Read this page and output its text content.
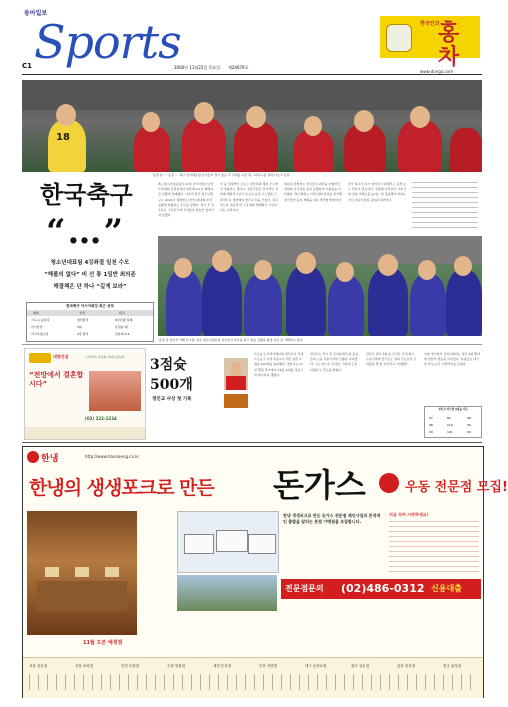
동아일보
Sports
C1	2000년 11월22일 목요일 제24679호
www.donga.com
한국인의
홍차
18
'동점 골…' '동점 …' 축구 한국대표팀 선수들이 경기 종료 후 고개를 숙인 채 그라운드를 걸어 나오고 있다.
한국축구
“…”
청소년대표팀 4강좌절 일천 수모
“해볼의 없다” 비 선 통 1일반 최의준
해결책은 단 하나 “길게 보라”
한국축구 아시아최강 최근 성적
대회	성적	비고
시드니 올림픽	예선탈락	8강진출 실패
아시안컵	3위	준결승 패
아시아청소년	4강 탈락	일본에 0-2
축구청소년대표팀이 22일 아시아청소년선수권대회 준결승에서 일본에 0-2로 패해 4강 진출에 실패했다. 이로써 한국 청소년축구는 2001년 세계청소년선수권대회 본선 진출에 실패하는 수모를 당했다. 경기 후 선수들은 그라운드에 주저앉아 한동안 일어나지 못했다.
이 중 결정적인 요소는 정신력과 체력 모두에서 밀렸다는 점이다. 전문가들은 단기적인 성과에 매달리기보다 유소년 육성 시스템을 근본적으로 개선해야 한다고 입을 모았다. 특히 지도자 교육과 리그 운영의 체계화가 시급하다는 지적이다.
대표팀 관계자는 선수들이 최선을 다했지만 상대의 조직력을 넘지 못했다며 아쉬움을 나타냈다. 축구협회는 이번 대회 결과를 분석해 장기적인 육성 계획을 새로 마련할 방침이다.
한국 축구가 다시 일어서기 위해서는 길게 보는 안목이 필요하다. 당장의 성적보다 기본기와 전술 이해도를 높이는 데 집중해야 한다는 것이 전문가들의 공통된 의견이다.
'동점 골 넣어서 기뻐 한 1위' 일본 청소년대표팀 선수들이 한국을 꺾고 결승 진출을 확정 지은 뒤 기뻐하고 있다.
대명건설	소망적인 이름의 아파트입니다
“전망에서 결혼합시다”
(02) 222-1234
3점슛
500개
정인교 사상 첫 기록
프로농구 코리아텐더의 정인교가 국내 프로농구 사상 처음으로 개인 통산 3점슛 500개를 돌파했다. 정인교는 21일 열린 경기에서 3점슛 4개를 성공시켜 대기록을 세웠다.
정인교는 경기 후 인터뷰에서 팀 동료들의 도움 덕분이라며 기쁨을 나타냈다. 그는 앞으로 더 많은 기록에 도전하겠다고 각오를 밝혔다.
감독은 정인교의 슛 감각은 국내 최고 수준이라며 앞으로도 팀의 주포로서 큰 역할을 해 줄 것이라고 기대했다.
이날 경기에서 코리아텐더는 정인교의 활약에 힘입어 연승을 이어갔다. 관중들은 대기록 달성 순간 기립박수를 보냈다.
정인교 연도별 3점슛 기록
97	82	98
98	110	99
99	121	00
한냉	http://www.hannaeng.co.kr
한냉의 생생포크로 만든 돈가스	우동 전문점 모집!
11월 오픈 예정점
한냉 생생포크로 만든 돈가스 전문점 체인사업의 본격적인 출발을 알리는 본점 가맹점을 모집합니다.
전문점문의 (02)486-0312 신용대출
지금 속히 시작하세요!
서울 강동점	서울 송파점	인천 부평점	수원 영통점	대전 둔산점	부산 서면점	대구 동성로점	광주 상무점	울산 삼산점	전주 효자점
